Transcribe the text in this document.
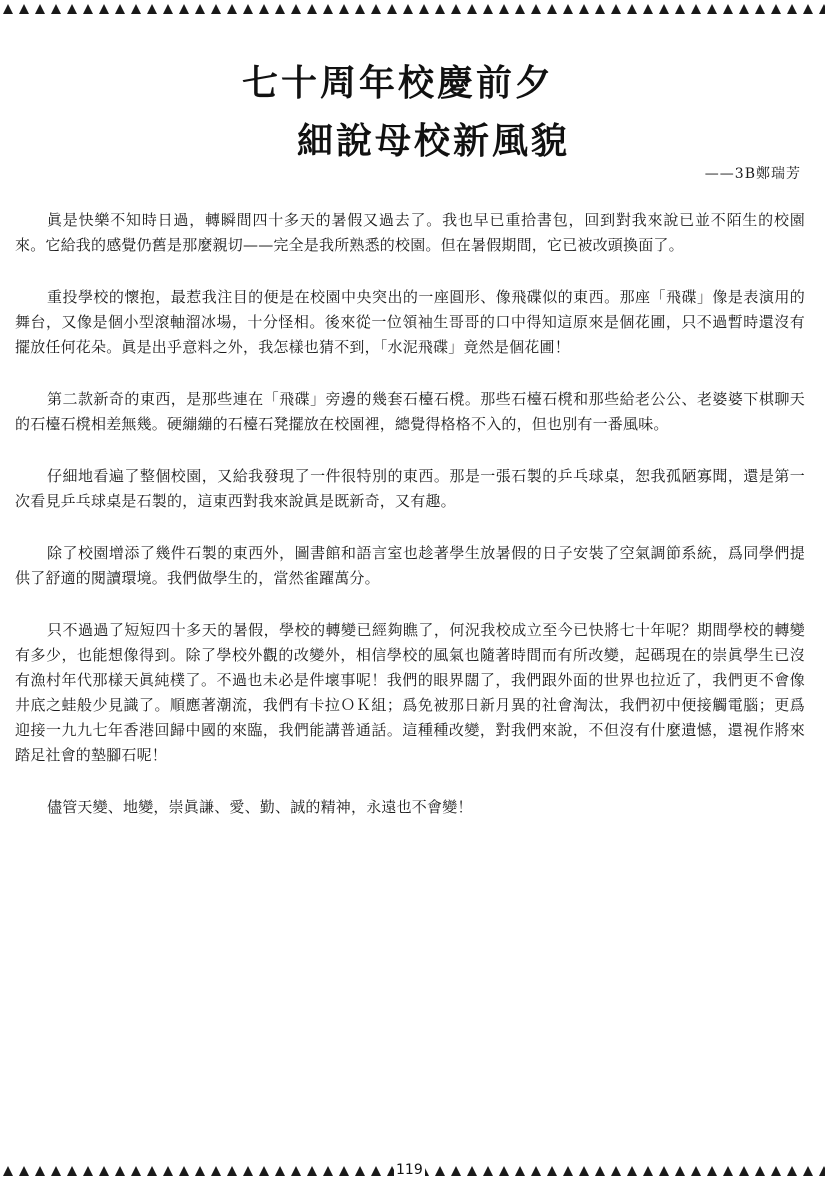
七十周年校慶前夕
細說母校新風貌
——3B鄭瑞芳

眞是快樂不知時日過，轉瞬間四十多天的暑假又過去了。我也早已重拾書包，回到對我來說已並不陌生的校園來。它給我的感覺仍舊是那麼親切——完全是我所熟悉的校園。但在暑假期間，它已被改頭換面了。

重投學校的懷抱，最惹我注目的便是在校園中央突出的一座圓形、像飛碟似的東西。那座「飛碟」像是表演用的舞台，又像是個小型滾軸溜冰場，十分怪相。後來從一位領袖生哥哥的口中得知這原來是個花圃，只不過暫時還沒有擺放任何花朵。眞是出乎意料之外，我怎樣也猜不到，「水泥飛碟」竟然是個花圃！

第二款新奇的東西，是那些連在「飛碟」旁邊的幾套石檯石櫈。那些石檯石櫈和那些給老公公、老婆婆下棋聊天的石檯石櫈相差無幾。硬繃繃的石檯石凳擺放在校園裡，總覺得格格不入的，但也別有一番風味。

仔細地看遍了整個校園，又給我發現了一件很特別的東西。那是一張石製的乒乓球桌，恕我孤陋寡聞，還是第一次看見乒乓球桌是石製的，這東西對我來說眞是既新奇，又有趣。

除了校園增添了幾件石製的東西外，圖書館和語言室也趁著學生放暑假的日子安裝了空氣調節系統，爲同學們提供了舒適的閱讀環境。我們做學生的，當然雀躍萬分。

只不過過了短短四十多天的暑假，學校的轉變已經夠瞧了，何況我校成立至今已快將七十年呢？期間學校的轉變有多少，也能想像得到。除了學校外觀的改變外，相信學校的風氣也隨著時間而有所改變，起碼現在的崇眞學生已沒有漁村年代那樣天眞純樸了。不過也未必是件壞事呢！我們的眼界闊了，我們跟外面的世界也拉近了，我們更不會像井底之蛙般少見識了。順應著潮流，我們有卡拉ＯＫ組；爲免被那日新月異的社會淘汰，我們初中便接觸電腦；更爲迎接一九九七年香港回歸中國的來臨，我們能講普通話。這種種改變，對我們來說，不但沒有什麼遺憾，還視作將來踏足社會的墊腳石呢！

儘管天變、地變，崇眞謙、愛、勤、誠的精神，永遠也不會變！

119
